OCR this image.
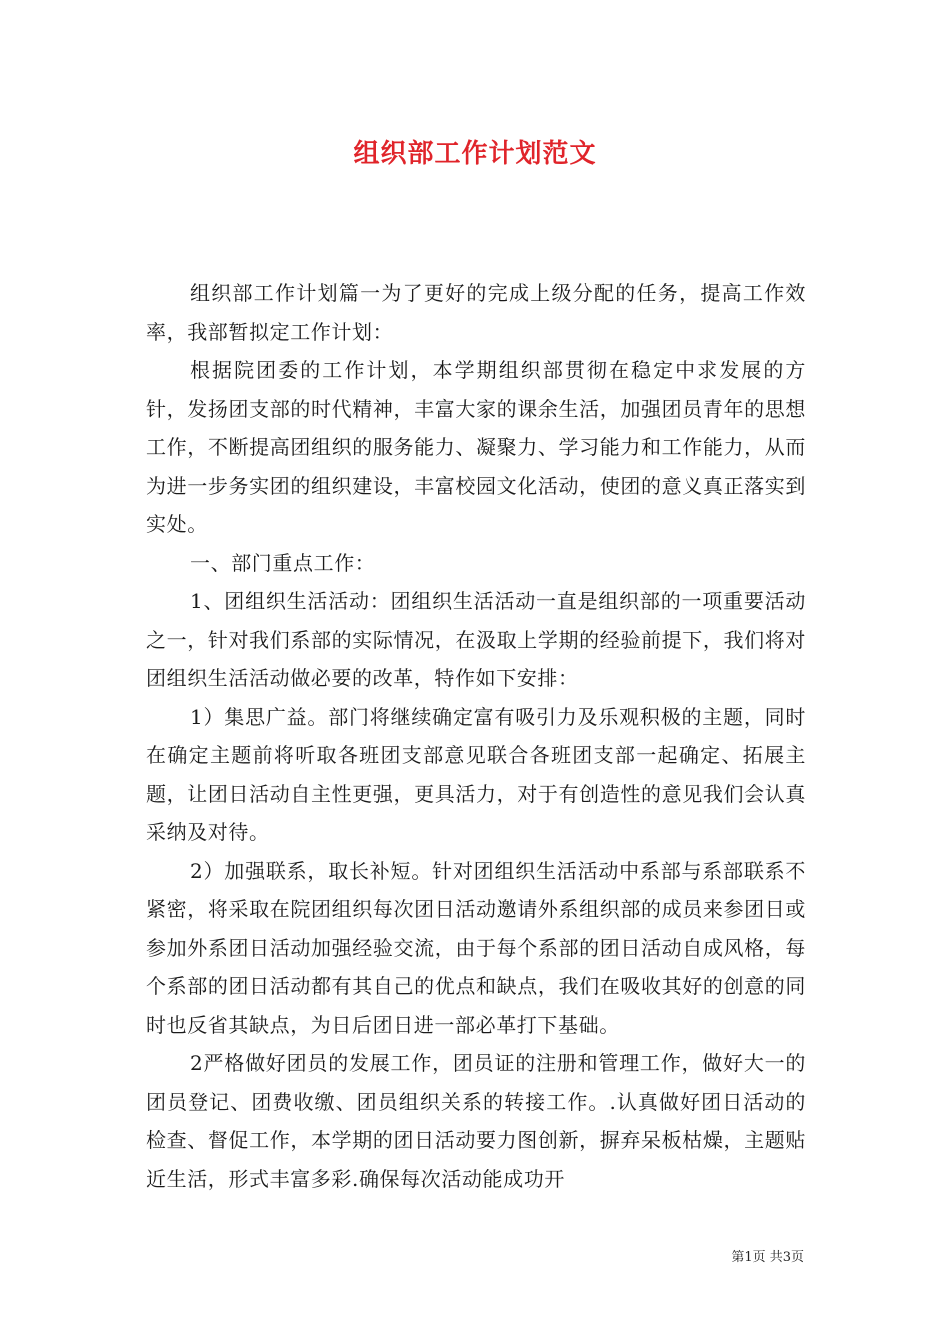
组织部工作计划范文

组织部工作计划篇一为了更好的完成上级分配的任务，提高工作效率，我部暂拟定工作计划：

根据院团委的工作计划，本学期组织部贯彻在稳定中求发展的方针，发扬团支部的时代精神，丰富大家的课余生活，加强团员青年的思想工作，不断提高团组织的服务能力、凝聚力、学习能力和工作能力，从而为进一步务实团的组织建设，丰富校园文化活动，使团的意义真正落实到实处。

一、部门重点工作：

1、团组织生活活动：团组织生活活动一直是组织部的一项重要活动之一，针对我们系部的实际情况，在汲取上学期的经验前提下，我们将对团组织生活活动做必要的改革，特作如下安排：

1）集思广益。部门将继续确定富有吸引力及乐观积极的主题，同时在确定主题前将听取各班团支部意见联合各班团支部一起确定、拓展主题，让团日活动自主性更强，更具活力，对于有创造性的意见我们会认真采纳及对待。

2）加强联系，取长补短。针对团组织生活活动中系部与系部联系不紧密，将采取在院团组织每次团日活动邀请外系组织部的成员来参团日或参加外系团日活动加强经验交流，由于每个系部的团日活动自成风格，每个系部的团日活动都有其自己的优点和缺点，我们在吸收其好的创意的同时也反省其缺点，为日后团日进一部必革打下基础。

2严格做好团员的发展工作，团员证的注册和管理工作，做好大一的团员登记、团费收缴、团员组织关系的转接工作。.认真做好团日活动的检查、督促工作，本学期的团日活动要力图创新，摒弃呆板枯燥，主题贴近生活，形式丰富多彩.确保每次活动能成功开

第1页 共3页
